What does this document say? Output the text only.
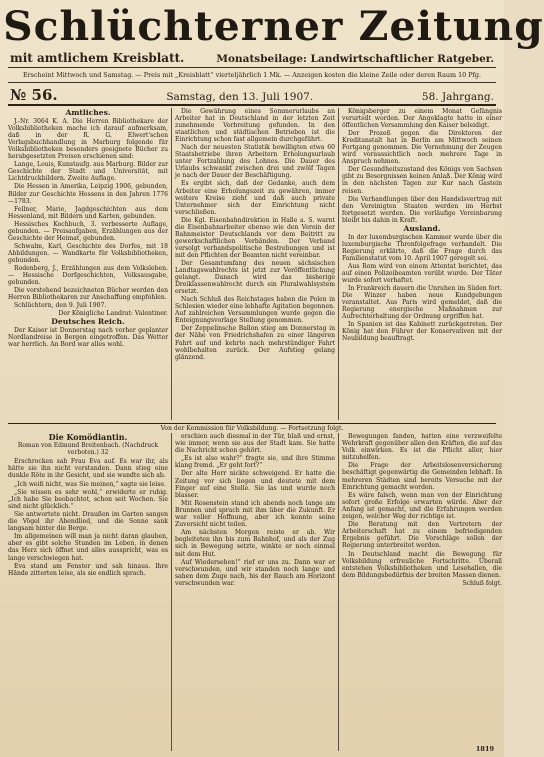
Schlüchterner Zeitung
mit amtlichem Kreisblatt.	Monatsbeilage: Landwirtschaftlicher Ratgeber.
Erscheint Mittwoch und Samstag. — Preis mit „Kreisblatt“ vierteljährlich 1 Mk. — Anzeigen kosten die kleine Zeile oder deren Raum 10 Pfg.
№ 56.	Samstag, den 13. Juli 1907.	58. Jahrgang.
Amtliches.
J.-Nr. 3064 K. A. Die Herren Bibliothekare der Volksbibliotheken mache ich darauf aufmerksam, daß in der R. G. Elwert'schen Verlagsbuchhandlung in Marburg folgende für Volksbibliotheken besonders geeignete Bücher zu herabgesetzten Preisen erschienen sind:
Lange, Louis, Kunstaufg. aus Marburg. Bilder zur Geschichte der Stadt und Universität, mit Lichtdruckbildern. Zweite Auflage.
Die Hessen in Amerika, Leipzig 1906, gebunden, Bilder zur Geschichte Hessens in den Jahren 1776—1783.
Fellner, Marie, Jagdgeschichten aus dem Hessenland, mit Bildern und Karten, gebunden.
Hessisches Kochbuch, 3. verbesserte Auflage, gebunden. — Preisaufgaben, Erzählungen aus der Geschichte der Heimat, gebunden.
Schwalm, Karl, Geschichte des Dorfes, mit 18 Abbildungen. — Wandkarte für Volksbibliotheken, gebunden.
Rodenberg, J., Erzählungen aus dem Volksleben. — Hessische Dorfgeschichten, Volksausgabe, gebunden.
Die vorstehend bezeichneten Bücher werden den Herren Bibliothekaren zur Anschaffung empfohlen.
Schlüchtern, den 9. Juli 1907.
Der Königliche Landrat: Valentiner.
Deutsches Reich.
Der Kaiser ist Donnerstag nach vorher geplanter Nordlandreise in Bergen eingetroffen. Das Wetter war herrlich. An Bord war alles wohl.
Die Gewährung eines Sommerurlaubs an Arbeiter hat in Deutschland in der letzten Zeit zunehmende Verbreitung gefunden. In den staatlichen und städtischen Betrieben ist die Einrichtung schon fast allgemein durchgeführt.
Nach der neuesten Statistik bewilligten etwa 60 Staatsbetriebe ihren Arbeitern Erholungsurlaub unter Fortzahlung des Lohnes. Die Dauer des Urlaubs schwankt zwischen drei und zwölf Tagen je nach der Dauer der Beschäftigung.
Es ergibt sich, daß der Gedanke, auch dem Arbeiter eine Erholungszeit zu gewähren, immer weitere Kreise zieht und daß auch private Unternehmer sich der Einrichtung nicht verschließen.
Die Kgl. Eisenbahndirektion in Halle a. S. warnt die Eisenbahnarbeiter ebenso wie den Verein der Bahnmeister Deutschlands vor dem Beitritt zu gewerkschaftlichen Verbänden. Der Verband versolgt verbandspolitische Bestrebungen und ist mit den Pflichten der Beamten nicht vereinbar.
Der Gesamtumfang des neuen sächsischen Landtagswahlrechts ist jetzt zur Veröffentlichung gelangt. Danach wird das bisherige Dreiklassenwahlrecht durch ein Pluralwahlsystem ersetzt.
Nach Schluß des Reichstages haben die Polen in Schlesien wieder eine lebhafte Agitation begonnen. Auf zahlreichen Versammlungen wurde gegen die Enteignungsvorlage Stellung genommen.
Der Zeppelinsche Ballon stieg am Donnerstag in der Nähe von Friedrichshafen zu einer längeren Fahrt auf und kehrte nach mehrstündiger Fahrt wohlbehalten zurück. Der Aufstieg gelang glänzend.
Königsberger zu einem Monat Gefängnis verurteilt worden. Der Angeklagte hatte in einer öffentlichen Versammlung den Kaiser beleidigt.
Der Prozeß gegen die Direktoren der Kreditanstalt hat in Berlin am Mittwoch seinen Fortgang genommen. Die Vernehmung der Zeugen wird voraussichtlich noch mehrere Tage in Anspruch nehmen.
Der Gesundheitszustand des Königs von Sachsen gibt zu Besorgnissen keinen Anlaß. Der König wird in den nächsten Tagen zur Kur nach Gastein reisen.
Die Verhandlungen über den Handelsvertrag mit den Vereinigten Staaten werden im Herbst fortgesetzt werden. Die vorläufige Vereinbarung bleibt bis dahin in Kraft.
Ausland.
In der luxemburgischen Kammer wurde über die luxemburgische Thronfolgefrage verhandelt. Die Regierung erklärte, daß die Frage durch das Familienstatut vom 10. April 1907 geregelt sei.
Aus Rom wird von einem Attentat berichtet, das auf einen Polizeibeamten verübt wurde. Der Täter wurde sofort verhaftet.
In Frankreich dauern die Unruhen im Süden fort. Die Winzer haben neue Kundgebungen veranstaltet. Aus Paris wird gemeldet, daß die Regierung energische Maßnahmen zur Aufrechterhaltung der Ordnung ergriffen hat.
In Spanien ist das Kabinett zurückgetreten. Der König hat den Führer der Konservativen mit der Neubildung beauftragt.
Von der Kommission für Volksbildung. — Fortsetzung folgt.
Die Komödiantin.
Roman von Edmund Breitenbach. (Nachdruck verboten.) 32
Erschrocken sah Frau Eva auf. Es war ihr, als hätte sie ihn nicht verstanden. Dann stieg eine dunkle Röte in ihr Gesicht, und sie wandte sich ab.
„Ich weiß nicht, was Sie meinen,“ sagte sie leise.
„Sie wissen es sehr wohl,“ erwiderte er ruhig. „Ich habe Sie beobachtet, schon seit Wochen. Sie sind nicht glücklich.“
Sie antwortete nicht. Draußen im Garten sangen die Vögel ihr Abendlied, und die Sonne sank langsam hinter die Berge.
Im allgemeinen will man ja nicht daran glauben, aber es gibt solche Stunden im Leben, in denen das Herz sich öffnet und alles ausspricht, was es lange verschwiegen hat.
Eva stand am Fenster und sah hinaus. Ihre Hände zitterten leise, als sie endlich sprach.
erschien auch diesmal in der Tür, blaß und ernst, wie immer, wenn sie aus der Stadt kam. Sie hatte die Nachricht schon gehört.
„Es ist also wahr?“ fragte sie, und ihre Stimme klang fremd. „Er geht fort?“
Der alte Herr nickte schweigend. Er hatte die Zeitung vor sich liegen und deutete mit dem Finger auf eine Stelle. Sie las und wurde noch blasser.
Mit Rosenstein stand ich abends noch lange am Brunnen und sprach mit ihm über die Zukunft. Er war voller Hoffnung, aber ich konnte seine Zuversicht nicht teilen.
Am nächsten Morgen reiste er ab. Wir begleiteten ihn bis zum Bahnhof, und als der Zug sich in Bewegung setzte, winkte er noch einmal mit dem Hut.
Auf Wiedersehen!“ rief er uns zu. Dann war er verschwunden, und wir standen noch lange und sahen dem Zuge nach, bis der Rauch am Horizont verschwunden war.
Bewegungen fanden, hatten eine verzweifelte Wehrkraft gegenüber allen den Kräften, die auf das Volk einwirken. Es ist die Pflicht aller, hier mitzuhelfen.
Die Frage der Arbeitslosenversicherung beschäftigt gegenwärtig die Gemeinden lebhaft. In mehreren Städten sind bereits Versuche mit der Einrichtung gemacht worden.
Es wäre falsch, wenn man von der Einrichtung sofort große Erfolge erwarten würde. Aber der Anfang ist gemacht, und die Erfahrungen werden zeigen, welcher Weg der richtige ist.
Die Beratung mit den Vertretern der Arbeiterschaft hat zu einem befriedigenden Ergebnis geführt. Die Vorschläge sollen der Regierung unterbreitet werden.
In Deutschland macht die Bewegung für Volksbildung erfreuliche Fortschritte. Überall entstehen Volksbibliotheken und Lesehallen, die dem Bildungsbedürfnis der breiten Massen dienen.
Schluß folgt.
1819
